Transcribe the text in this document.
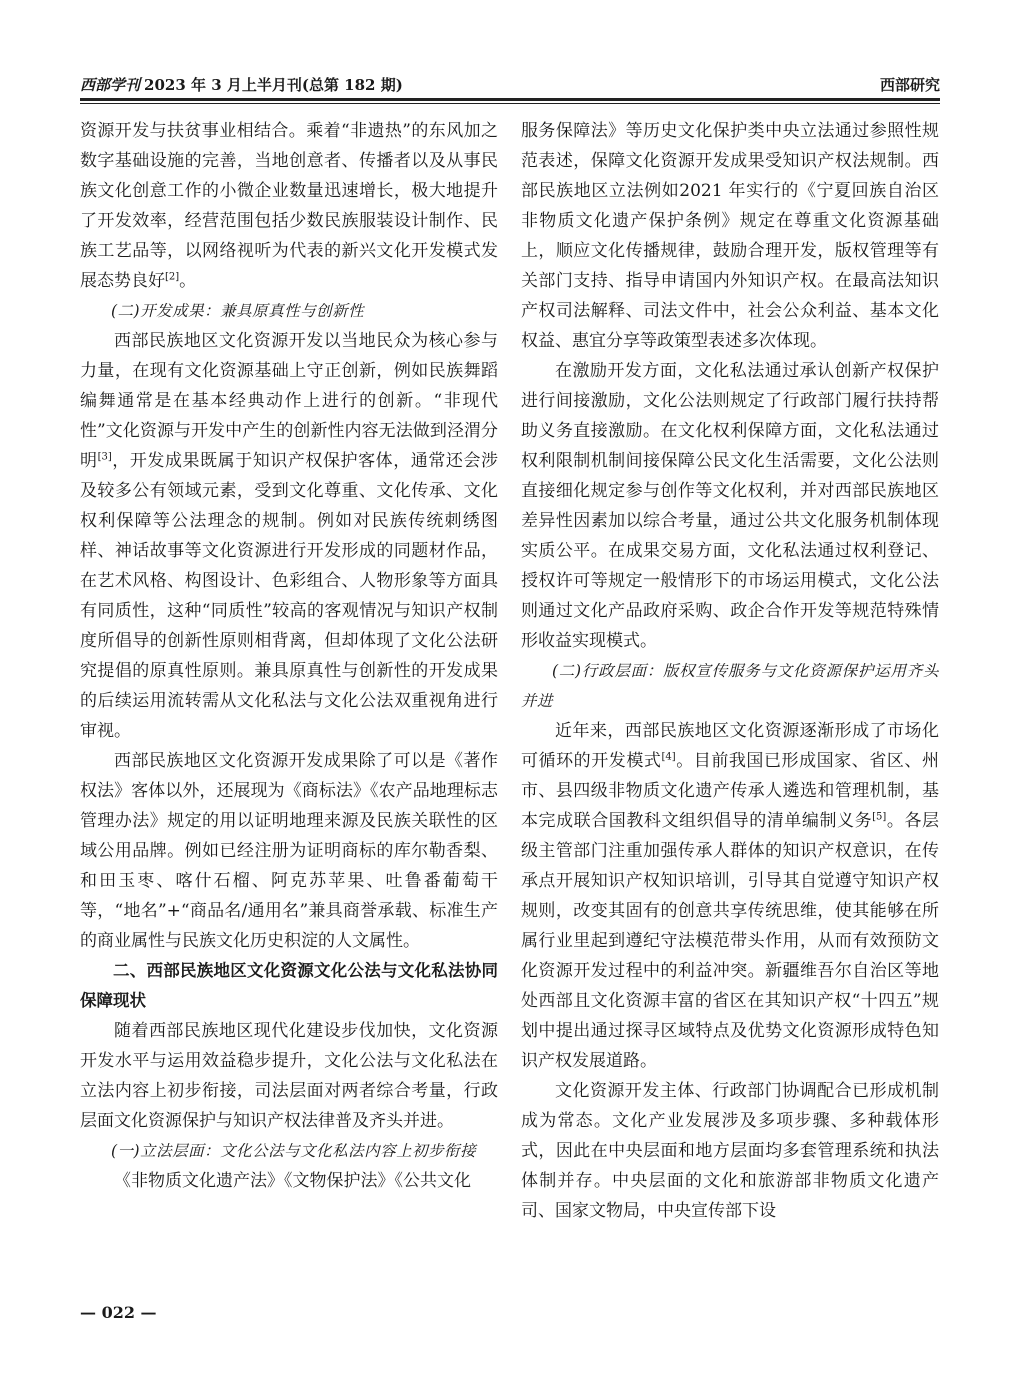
西部学刊 2023 年 3 月上半月刊(总第 182 期)	西部研究

资源开发与扶贫事业相结合。乘着“非遗热”的东风加之数字基础设施的完善，当地创意者、传播者以及从事民族文化创意工作的小微企业数量迅速增长，极大地提升了开发效率，经营范围包括少数民族服装设计制作、民族工艺品等，以网络视听为代表的新兴文化开发模式发展态势良好[2]。

(二)开发成果：兼具原真性与创新性

西部民族地区文化资源开发以当地民众为核心参与力量，在现有文化资源基础上守正创新，例如民族舞蹈编舞通常是在基本经典动作上进行的创新。“非现代性”文化资源与开发中产生的创新性内容无法做到泾渭分明[3]，开发成果既属于知识产权保护客体，通常还会涉及较多公有领域元素，受到文化尊重、文化传承、文化权利保障等公法理念的规制。例如对民族传统刺绣图样、神话故事等文化资源进行开发形成的同题材作品，在艺术风格、构图设计、色彩组合、人物形象等方面具有同质性，这种“同质性”较高的客观情况与知识产权制度所倡导的创新性原则相背离，但却体现了文化公法研究提倡的原真性原则。兼具原真性与创新性的开发成果的后续运用流转需从文化私法与文化公法双重视角进行审视。

西部民族地区文化资源开发成果除了可以是《著作权法》客体以外，还展现为《商标法》《农产品地理标志管理办法》规定的用以证明地理来源及民族关联性的区域公用品牌。例如已经注册为证明商标的库尔勒香梨、和田玉枣、喀什石榴、阿克苏苹果、吐鲁番葡萄干等，“地名”+“商品名/通用名”兼具商誉承载、标准生产的商业属性与民族文化历史积淀的人文属性。

二、西部民族地区文化资源文化公法与文化私法协同保障现状

随着西部民族地区现代化建设步伐加快，文化资源开发水平与运用效益稳步提升，文化公法与文化私法在立法内容上初步衔接，司法层面对两者综合考量，行政层面文化资源保护与知识产权法律普及齐头并进。

(一)立法层面：文化公法与文化私法内容上初步衔接

《非物质文化遗产法》《文物保护法》《公共文化

服务保障法》等历史文化保护类中央立法通过参照性规范表述，保障文化资源开发成果受知识产权法规制。西部民族地区立法例如2021 年实行的《宁夏回族自治区非物质文化遗产保护条例》规定在尊重文化资源基础上，顺应文化传播规律，鼓励合理开发，版权管理等有关部门支持、指导申请国内外知识产权。在最高法知识产权司法解释、司法文件中，社会公众利益、基本文化权益、惠宜分享等政策型表述多次体现。

在激励开发方面，文化私法通过承认创新产权保护进行间接激励，文化公法则规定了行政部门履行扶持帮助义务直接激励。在文化权利保障方面，文化私法通过权利限制机制间接保障公民文化生活需要，文化公法则直接细化规定参与创作等文化权利，并对西部民族地区差异性因素加以综合考量，通过公共文化服务机制体现实质公平。在成果交易方面，文化私法通过权利登记、授权许可等规定一般情形下的市场运用模式，文化公法则通过文化产品政府采购、政企合作开发等规范特殊情形收益实现模式。

(二)行政层面：版权宣传服务与文化资源保护运用齐头并进

近年来，西部民族地区文化资源逐渐形成了市场化可循环的开发模式[4]。目前我国已形成国家、省区、州市、县四级非物质文化遗产传承人遴选和管理机制，基本完成联合国教科文组织倡导的清单编制义务[5]。各层级主管部门注重加强传承人群体的知识产权意识，在传承点开展知识产权知识培训，引导其自觉遵守知识产权规则，改变其固有的创意共享传统思维，使其能够在所属行业里起到遵纪守法模范带头作用，从而有效预防文化资源开发过程中的利益冲突。新疆维吾尔自治区等地处西部且文化资源丰富的省区在其知识产权“十四五”规划中提出通过探寻区域特点及优势文化资源形成特色知识产权发展道路。

文化资源开发主体、行政部门协调配合已形成机制成为常态。文化产业发展涉及多项步骤、多种载体形式，因此在中央层面和地方层面均多套管理系统和执法体制并存。中央层面的文化和旅游部非物质文化遗产司、国家文物局，中央宣传部下设

— 022 —
